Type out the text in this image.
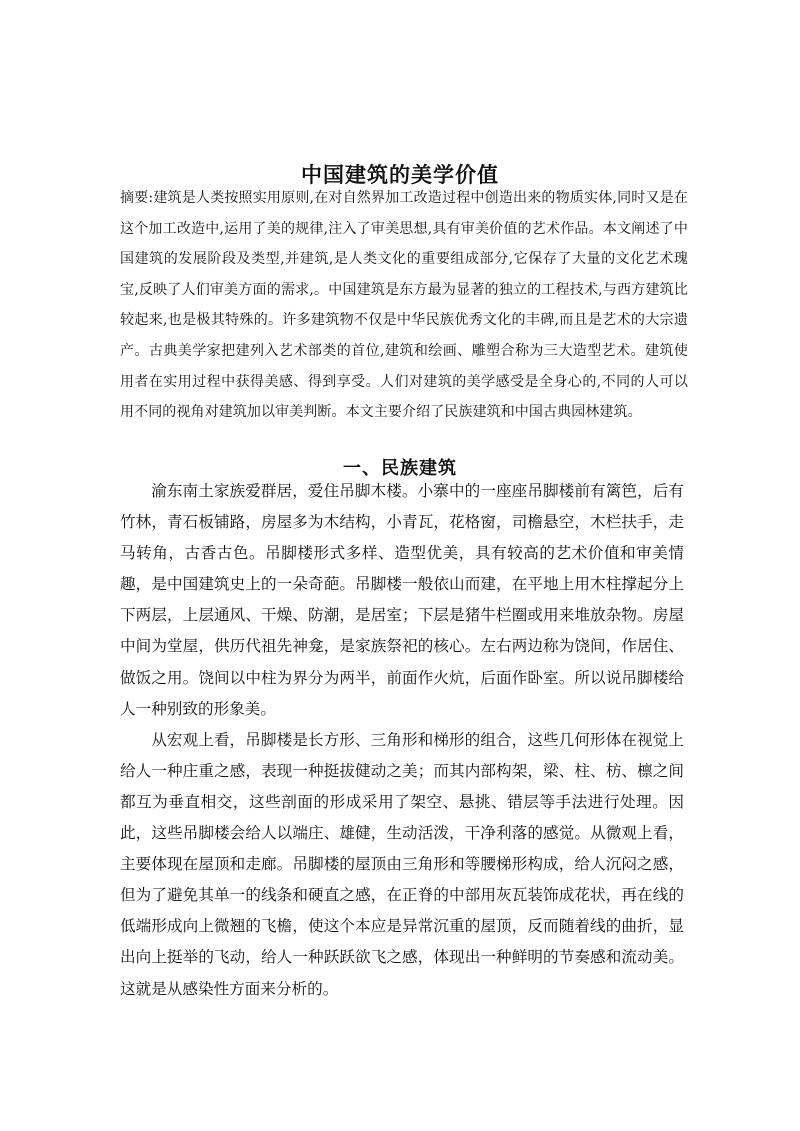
中国建筑的美学价值
摘要:建筑是人类按照实用原则,在对自然界加工改造过程中创造出来的物质实体,同时又是在这个加工改造中,运用了美的规律,注入了审美思想,具有审美价值的艺术作品。本文阐述了中国建筑的发展阶段及类型,并建筑,是人类文化的重要组成部分,它保存了大量的文化艺术瑰宝,反映了人们审美方面的需求,。中国建筑是东方最为显著的独立的工程技术,与西方建筑比较起来,也是极其特殊的。许多建筑物不仅是中华民族优秀文化的丰碑,而且是艺术的大宗遗产。古典美学家把建列入艺术部类的首位,建筑和绘画、雕塑合称为三大造型艺术。建筑使用者在实用过程中获得美感、得到享受。人们对建筑的美学感受是全身心的,不同的人可以用不同的视角对建筑加以审美判断。本文主要介绍了民族建筑和中国古典园林建筑。
一、民族建筑

渝东南土家族爱群居，爱住吊脚木楼。小寨中的一座座吊脚楼前有篱笆，后有竹林，青石板铺路，房屋多为木结构，小青瓦，花格窗，司檐悬空，木栏扶手，走马转角，古香古色。吊脚楼形式多样、造型优美，具有较高的艺术价值和审美情趣，是中国建筑史上的一朵奇葩。吊脚楼一般依山而建，在平地上用木柱撑起分上下两层，上层通风、干燥、防潮，是居室；下层是猪牛栏圈或用来堆放杂物。房屋中间为堂屋，供历代祖先神龛，是家族祭祀的核心。左右两边称为饶间，作居住、做饭之用。饶间以中柱为界分为两半，前面作火炕，后面作卧室。所以说吊脚楼给人一种别致的形象美。

从宏观上看，吊脚楼是长方形、三角形和梯形的组合，这些几何形体在视觉上给人一种庄重之感，表现一种挺拔健动之美；而其内部构架，梁、柱、枋、檩之间都互为垂直相交，这些剖面的形成采用了架空、悬挑、错层等手法进行处理。因此，这些吊脚楼会给人以端庄、雄健，生动活泼，干净利落的感觉。从微观上看，主要体现在屋顶和走廊。吊脚楼的屋顶由三角形和等腰梯形构成，给人沉闷之感，但为了避免其单一的线条和硬直之感，在正脊的中部用灰瓦装饰成花状，再在线的低端形成向上微翘的飞檐，使这个本应是异常沉重的屋顶，反而随着线的曲折，显出向上挺举的飞动，给人一种跃跃欲飞之感，体现出一种鲜明的节奏感和流动美。这就是从感染性方面来分析的。
